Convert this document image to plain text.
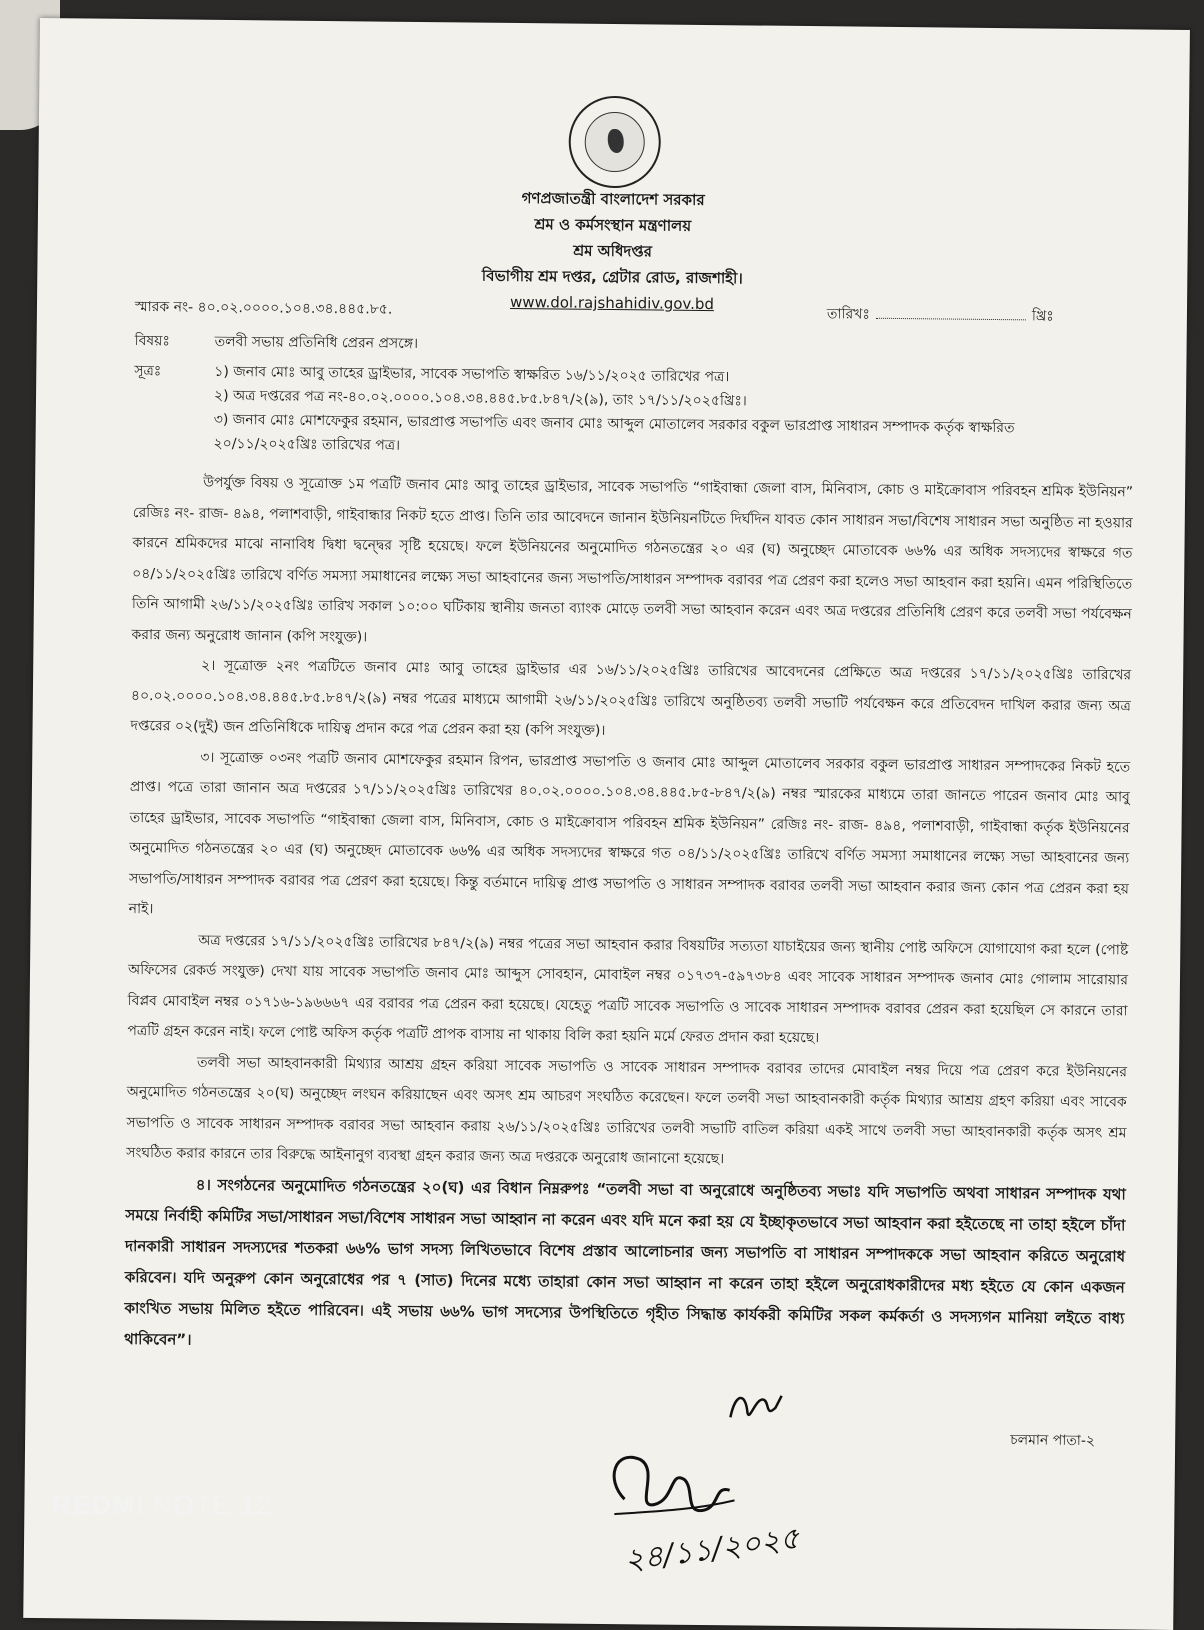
গণপ্রজাতন্ত্রী বাংলাদেশ সরকার
শ্রম ও কর্মসংস্থান মন্ত্রণালয়
শ্রম অধিদপ্তর
বিভাগীয় শ্রম দপ্তর, গ্রেটার রোড, রাজশাহী।
www.dol.rajshahidiv.gov.bd
স্মারক নং- ৪০.০২.০০০০.১০৪.৩৪.৪৪৫.৮৫.	তারিখঃ	খ্রিঃ
বিষয়ঃ	তলবী সভায় প্রতিনিধি প্রেরন প্রসঙ্গে।
সূত্রঃ	১) জনাব মোঃ আবু তাহের ড্রাইভার, সাবেক সভাপতি স্বাক্ষরিত ১৬/১১/২০২৫ তারিখের পত্র।
২) অত্র দপ্তরের পত্র নং-৪০.০২.০০০০.১০৪.৩৪.৪৪৫.৮৫.৮৪৭/২(৯), তাং ১৭/১১/২০২৫খ্রিঃ।
৩) জনাব মোঃ মোশফেকুর রহমান, ভারপ্রাপ্ত সভাপতি এবং জনাব মোঃ আব্দুল মোতালেব সরকার বকুল ভারপ্রাপ্ত সাধারন সম্পাদক কর্তৃক স্বাক্ষরিত ২০/১১/২০২৫খ্রিঃ তারিখের পত্র।

উপর্যুক্ত বিষয় ও সূত্রোক্ত ১ম পত্রটি জনাব মোঃ আবু তাহের ড্রাইভার, সাবেক সভাপতি “গাইবান্ধা জেলা বাস, মিনিবাস, কোচ ও মাইক্রোবাস পরিবহন শ্রমিক ইউনিয়ন” রেজিঃ নং- রাজ- ৪৯৪, পলাশবাড়ী, গাইবান্ধার নিকট হতে প্রাপ্ত। তিনি তার আবেদনে জানান ইউনিয়নটিতে দির্ঘদিন যাবত কোন সাধারন সভা/বিশেষ সাধারন সভা অনুষ্ঠিত না হওয়ার কারনে শ্রমিকদের মাঝে নানাবিধ দ্বিধা দ্বন্দ্বের সৃষ্টি হয়েছে। ফলে ইউনিয়নের অনুমোদিত গঠনতন্ত্রের ২০ এর (ঘ) অনুচ্ছেদ মোতাবেক ৬৬% এর অধিক সদস্যদের স্বাক্ষরে গত ০৪/১১/২০২৫খ্রিঃ তারিখে বর্ণিত সমস্যা সমাধানের লক্ষ্যে সভা আহবানের জন্য সভাপতি/সাধারন সম্পাদক বরাবর পত্র প্রেরণ করা হলেও সভা আহবান করা হয়নি। এমন পরিস্থিতিতে তিনি আগামী ২৬/১১/২০২৫খ্রিঃ তারিখ সকাল ১০:০০ ঘটিকায় স্থানীয় জনতা ব্যাংক মোড়ে তলবী সভা আহবান করেন এবং অত্র দপ্তরের প্রতিনিধি প্রেরণ করে তলবী সভা পর্যবেক্ষন করার জন্য অনুরোধ জানান (কপি সংযুক্ত)।

২। সূত্রোক্ত ২নং পত্রটিতে জনাব মোঃ আবু তাহের ড্রাইভার এর ১৬/১১/২০২৫খ্রিঃ তারিখের আবেদনের প্রেক্ষিতে অত্র দপ্তরের ১৭/১১/২০২৫খ্রিঃ তারিখের ৪০.০২.০০০০.১০৪.৩৪.৪৪৫.৮৫.৮৪৭/২(৯) নম্বর পত্রের মাধ্যমে আগামী ২৬/১১/২০২৫খ্রিঃ তারিখে অনুষ্ঠিতব্য তলবী সভাটি পর্যবেক্ষন করে প্রতিবেদন দাখিল করার জন্য অত্র দপ্তরের ০২(দুই) জন প্রতিনিধিকে দায়িত্ব প্রদান করে পত্র প্রেরন করা হয় (কপি সংযুক্ত)।

৩। সূত্রোক্ত ০৩নং পত্রটি জনাব মোশফেকুর রহমান রিপন, ভারপ্রাপ্ত সভাপতি ও জনাব মোঃ আব্দুল মোতালেব সরকার বকুল ভারপ্রাপ্ত সাধারন সম্পাদকের নিকট হতে প্রাপ্ত। পত্রে তারা জানান অত্র দপ্তরের ১৭/১১/২০২৫খ্রিঃ তারিখের ৪০.০২.০০০০.১০৪.৩৪.৪৪৫.৮৫-৮৪৭/২(৯) নম্বর স্মারকের মাধ্যমে তারা জানতে পারেন জনাব মোঃ আবু তাহের ড্রাইভার, সাবেক সভাপতি “গাইবান্ধা জেলা বাস, মিনিবাস, কোচ ও মাইক্রোবাস পরিবহন শ্রমিক ইউনিয়ন” রেজিঃ নং- রাজ- ৪৯৪, পলাশবাড়ী, গাইবান্ধা কর্তৃক ইউনিয়নের অনুমোদিত গঠনতন্ত্রের ২০ এর (ঘ) অনুচ্ছেদ মোতাবেক ৬৬% এর অধিক সদস্যদের স্বাক্ষরে গত ০৪/১১/২০২৫খ্রিঃ তারিখে বর্ণিত সমস্যা সমাধানের লক্ষ্যে সভা আহবানের জন্য সভাপতি/সাধারন সম্পাদক বরাবর পত্র প্রেরণ করা হয়েছে। কিন্তু বর্তমানে দায়িত্ব প্রাপ্ত সভাপতি ও সাধারন সম্পাদক বরাবর তলবী সভা আহবান করার জন্য কোন পত্র প্রেরন করা হয় নাই।

অত্র দপ্তরের ১৭/১১/২০২৫খ্রিঃ তারিখের ৮৪৭/২(৯) নম্বর পত্রের সভা আহবান করার বিষয়টির সত্যতা যাচাইয়ের জন্য স্থানীয় পোষ্ট অফিসে যোগাযোগ করা হলে (পোষ্ট অফিসের রেকর্ড সংযুক্ত) দেখা যায় সাবেক সভাপতি জনাব মোঃ আব্দুস সোবহান, মোবাইল নম্বর ০১৭৩৭-৫৯৭৩৮৪ এবং সাবেক সাধারন সম্পাদক জনাব মোঃ গোলাম সারোয়ার বিপ্লব মোবাইল নম্বর ০১৭১৬-১৯৬৬৬৭ এর বরাবর পত্র প্রেরন করা হয়েছে। যেহেতু পত্রটি সাবেক সভাপতি ও সাবেক সাধারন সম্পাদক বরাবর প্রেরন করা হয়েছিল সে কারনে তারা পত্রটি গ্রহন করেন নাই। ফলে পোষ্ট অফিস কর্তৃক পত্রটি প্রাপক বাসায় না থাকায় বিলি করা হয়নি মর্মে ফেরত প্রদান করা হয়েছে।

তলবী সভা আহবানকারী মিথ্যার আশ্রয় গ্রহন করিয়া সাবেক সভাপতি ও সাবেক সাধারন সম্পাদক বরাবর তাদের মোবাইল নম্বর দিয়ে পত্র প্রেরণ করে ইউনিয়নের অনুমোদিত গঠনতন্ত্রের ২০(ঘ) অনুচ্ছেদ লংঘন করিয়াছেন এবং অসৎ শ্রম আচরণ সংঘঠিত করেছেন। ফলে তলবী সভা আহবানকারী কর্তৃক মিথ্যার আশ্রয় গ্রহণ করিয়া এবং সাবেক সভাপতি ও সাবেক সাধারন সম্পাদক বরাবর সভা আহবান করায় ২৬/১১/২০২৫খ্রিঃ তারিখের তলবী সভাটি বাতিল করিয়া একই সাথে তলবী সভা আহবানকারী কর্তৃক অসৎ শ্রম সংঘঠিত করার কারনে তার বিরুদ্ধে আইনানুগ ব্যবস্থা গ্রহন করার জন্য অত্র দপ্তরকে অনুরোধ জানানো হয়েছে।

৪। সংগঠনের অনুমোদিত গঠনতন্ত্রের ২০(ঘ) এর বিধান নিম্নরুপঃ “তলবী সভা বা অনুরোধে অনুষ্ঠিতব্য সভাঃ যদি সভাপতি অথবা সাধারন সম্পাদক যথা সময়ে নির্বাহী কমিটির সভা/সাধারন সভা/বিশেষ সাধারন সভা আহ্বান না করেন এবং যদি মনে করা হয় যে ইচ্ছাকৃতভাবে সভা আহবান করা হইতেছে না তাহা হইলে চাঁদা দানকারী সাধারন সদস্যদের শতকরা ৬৬% ভাগ সদস্য লিখিতভাবে বিশেষ প্রস্তাব আলোচনার জন্য সভাপতি বা সাধারন সম্পাদককে সভা আহবান করিতে অনুরোধ করিবেন। যদি অনুরুপ কোন অনুরোধের পর ৭ (সাত) দিনের মধ্যে তাহারা কোন সভা আহ্বান না করেন তাহা হইলে অনুরোধকারীদের মধ্য হইতে যে কোন একজন কাংখিত সভায় মিলিত হইতে পারিবেন। এই সভায় ৬৬% ভাগ সদস্যের উপস্থিতিতে গৃহীত সিদ্ধান্ত কার্যকরী কমিটির সকল কর্মকর্তা ও সদস্যগন মানিয়া লইতে বাধ্য থাকিবেন”।

চলমান পাতা-২
২৪/১১/২০২৫
REDMI NOTE 12
